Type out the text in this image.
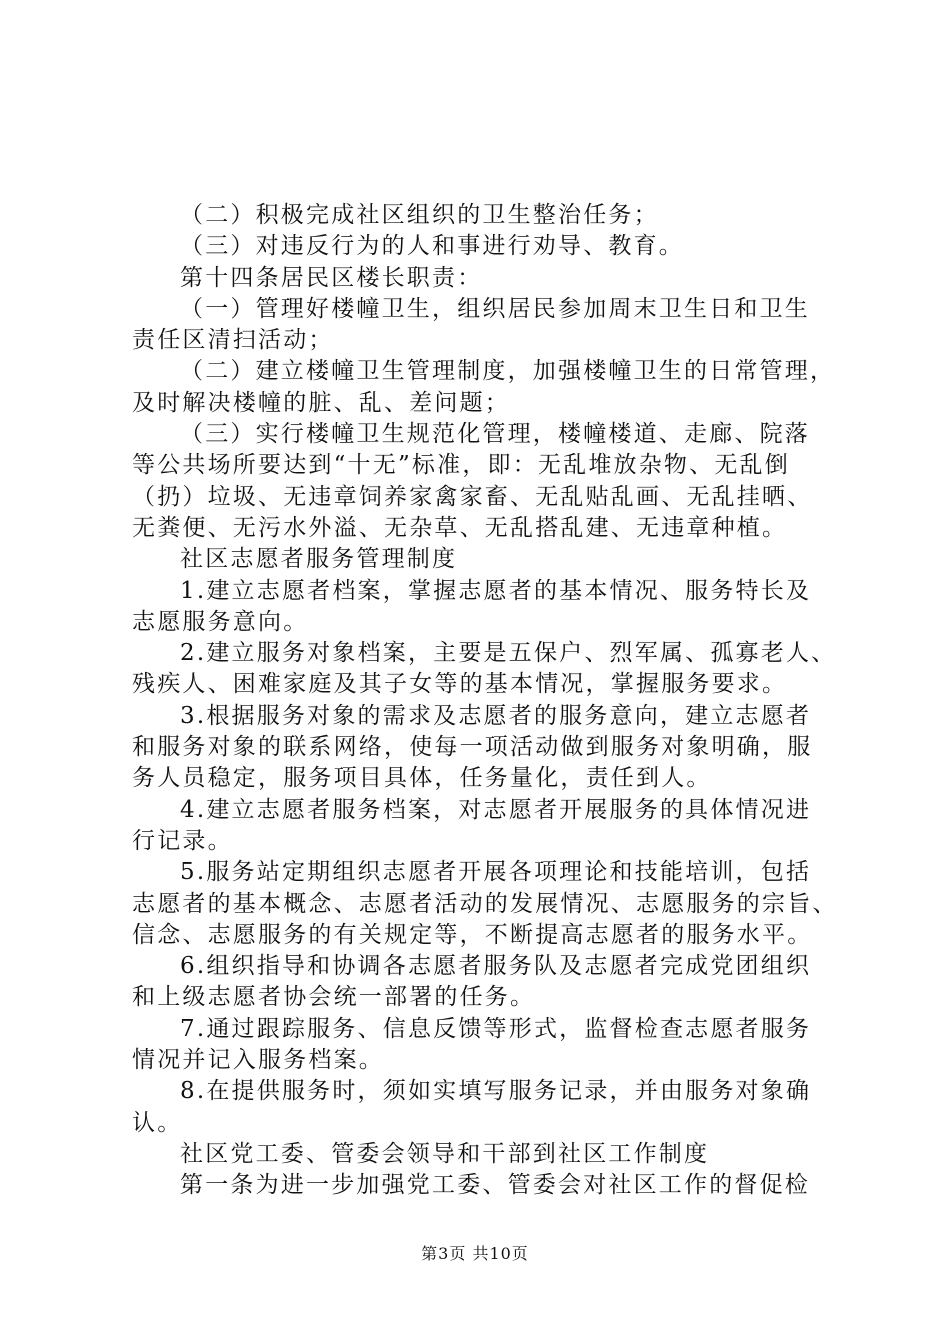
（二）积极完成社区组织的卫生整治任务；
（三）对违反行为的人和事进行劝导、教育。
第十四条居民区楼长职责：
（一）管理好楼幢卫生，组织居民参加周末卫生日和卫生
责任区清扫活动；
（二）建立楼幢卫生管理制度，加强楼幢卫生的日常管理，
及时解决楼幢的脏、乱、差问题；
（三）实行楼幢卫生规范化管理，楼幢楼道、走廊、院落
等公共场所要达到“十无”标准，即：无乱堆放杂物、无乱倒
（扔）垃圾、无违章饲养家禽家畜、无乱贴乱画、无乱挂晒、
无粪便、无污水外溢、无杂草、无乱搭乱建、无违章种植。
社区志愿者服务管理制度
1.建立志愿者档案，掌握志愿者的基本情况、服务特长及
志愿服务意向。
2.建立服务对象档案，主要是五保户、烈军属、孤寡老人、
残疾人、困难家庭及其子女等的基本情况，掌握服务要求。
3.根据服务对象的需求及志愿者的服务意向，建立志愿者
和服务对象的联系网络，使每一项活动做到服务对象明确，服
务人员稳定，服务项目具体，任务量化，责任到人。
4.建立志愿者服务档案，对志愿者开展服务的具体情况进
行记录。
5.服务站定期组织志愿者开展各项理论和技能培训，包括
志愿者的基本概念、志愿者活动的发展情况、志愿服务的宗旨、
信念、志愿服务的有关规定等，不断提高志愿者的服务水平。
6.组织指导和协调各志愿者服务队及志愿者完成党团组织
和上级志愿者协会统一部署的任务。
7.通过跟踪服务、信息反馈等形式，监督检查志愿者服务
情况并记入服务档案。
8.在提供服务时，须如实填写服务记录，并由服务对象确
认。
社区党工委、管委会领导和干部到社区工作制度
第一条为进一步加强党工委、管委会对社区工作的督促检
第3页 共10页
